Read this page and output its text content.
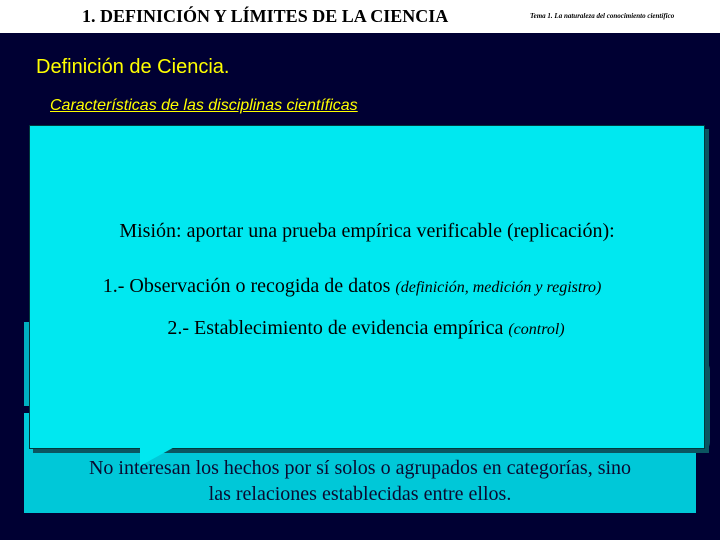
1. DEFINICIÓN Y LÍMITES DE LA CIENCIA	Tema 1. La naturaleza del conocimiento científico
Definición de Ciencia.
Características de las disciplinas científicas
No interesan los hechos por sí solos o agrupados en categorías, sino
las relaciones establecidas entre ellos.
Misión: aportar una prueba empírica verificable (replicación):
1.- Observación o recogida de datos (definición, medición y registro)
2.- Establecimiento de evidencia empírica (control)
